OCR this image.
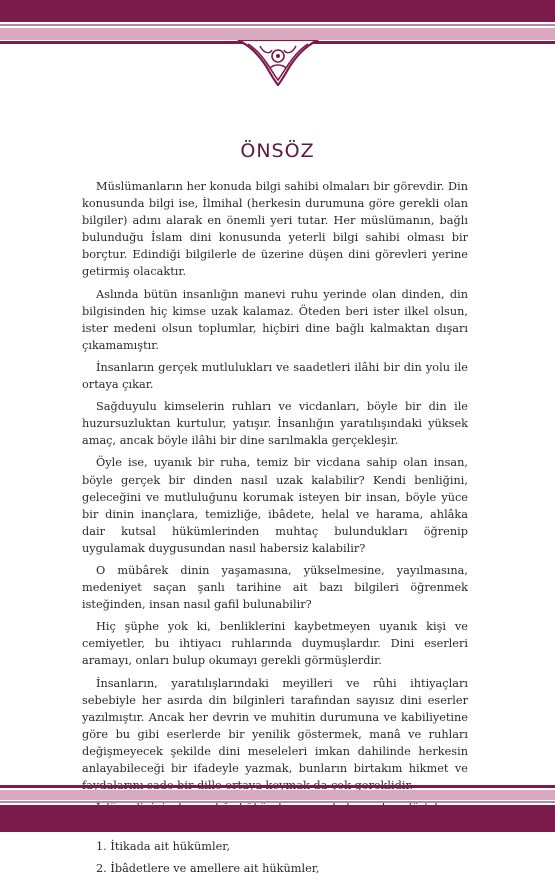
ÖNSÖZ

Müslümanların her konuda bilgi sahibi olmaları bir görevdir. Din konusunda bilgi ise, İlmihal (herkesin durumuna göre gerekli olan bilgiler) adını alarak en önemli yeri tutar. Her müslümanın, bağlı bulunduğu İslam dini konusunda yeterli bilgi sahibi olması bir borçtur. Edindiği bilgilerle de üzerine düşen dini görevleri yerine getirmiş olacaktır.

Aslında bütün insanlığın manevi ruhu yerinde olan dinden, din bilgisinden hiç kimse uzak kalamaz. Öteden beri ister ilkel olsun, ister medeni olsun toplumlar, hiçbiri dine bağlı kalmaktan dışarı çıkamamıştır.

İnsanların gerçek mutlulukları ve saadetleri ilâhi bir din yolu ile ortaya çıkar.

Sağduyulu kimselerin ruhları ve vicdanları, böyle bir din ile huzursuzluktan kurtulur, yatışır. İnsanlığın yaratılışındaki yüksek amaç, ancak böyle ilâhi bir dine sarılmakla gerçekleşir.

Öyle ise, uyanık bir ruha, temiz bir vicdana sahip olan insan, böyle gerçek bir dinden nasıl uzak kalabilir? Kendi benliğini, geleceğini ve mutluluğunu korumak isteyen bir insan, böyle yüce bir dinin inançlara, temizliğe, ibâdete, helal ve harama, ahlâka dair kutsal hükümlerinden muhtaç bulundukları öğrenip uygulamak duygusundan nasıl habersiz kalabilir?

O mübârek dinin yaşamasına, yükselmesine, yayılmasına, medeniyet saçan şanlı tarihine ait bazı bilgileri öğrenmek isteğinden, insan nasıl gafil bulunabilir?

Hiç şüphe yok ki, benliklerini kaybetmeyen uyanık kişi ve cemiyetler, bu ihtiyacı ruhlarında duymuşlardır. Dini eserleri aramayı, onları bulup okumayı gerekli görmüşlerdir.

İnsanların, yaratılışlarındaki meyilleri ve rûhi ihtiyaçları sebebiyle her asırda din bilginleri tarafından sayısız dini eserler yazılmıştır. Ancak her devrin ve muhitin durumuna ve kabiliyetine göre bu gibi eserlerde bir yenilik göstermek, manâ ve ruhları değişmeyecek şekilde dini meseleleri imkan dahilinde herkesin anlayabileceği bir ifadeyle yazmak, bunların birtakım hikmet ve

1. İtikada ait hükümler,

2. İbâdetlere ve amellere ait hükümler,
